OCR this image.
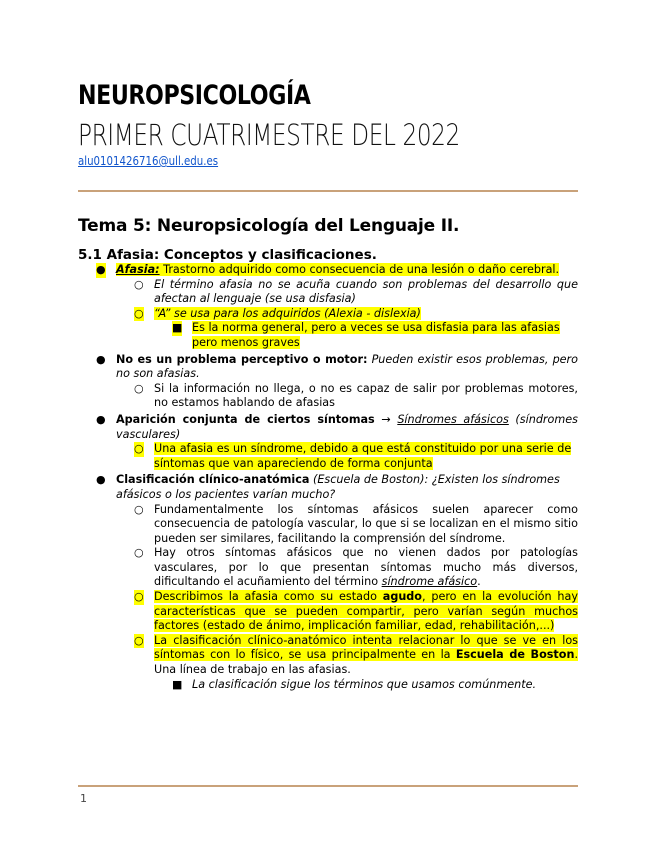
NEUROPSICOLOGÍA
PRIMER CUATRIMESTRE DEL 2022
alu0101426716@ull.edu.es
Tema 5: Neuropsicología del Lenguaje II.
5.1 Afasia: Conceptos y clasificaciones.
● Afasia: Trastorno adquirido como consecuencia de una lesión o daño cerebral.
○ El término afasia no se acuña cuando son problemas del desarrollo que afectan al lenguaje (se usa disfasia)
○ “A” se usa para los adquiridos (Alexia - dislexia)
■ Es la norma general, pero a veces se usa disfasia para las afasias pero menos graves
● No es un problema perceptivo o motor: Pueden existir esos problemas, pero no son afasias.
○ Si la información no llega, o no es capaz de salir por problemas motores, no estamos hablando de afasias
● Aparición conjunta de ciertos síntomas → Síndromes afásicos (síndromes vasculares)
○ Una afasia es un síndrome, debido a que está constituido por una serie de síntomas que van apareciendo de forma conjunta
● Clasificación clínico-anatómica (Escuela de Boston): ¿Existen los síndromes afásicos o los pacientes varían mucho?
○ Fundamentalmente los síntomas afásicos suelen aparecer como consecuencia de patología vascular, lo que si se localizan en el mismo sitio pueden ser similares, facilitando la comprensión del síndrome.
○ Hay otros síntomas afásicos que no vienen dados por patologías vasculares, por lo que presentan síntomas mucho más diversos, dificultando el acuñamiento del término síndrome afásico.
○ Describimos la afasia como su estado agudo, pero en la evolución hay características que se pueden compartir, pero varían según muchos factores (estado de ánimo, implicación familiar, edad, rehabilitación,...)
○ La clasificación clínico-anatómico intenta relacionar lo que se ve en los síntomas con lo físico, se usa principalmente en la Escuela de Boston. Una línea de trabajo en las afasias.
■ La clasificación sigue los términos que usamos comúnmente.
1
